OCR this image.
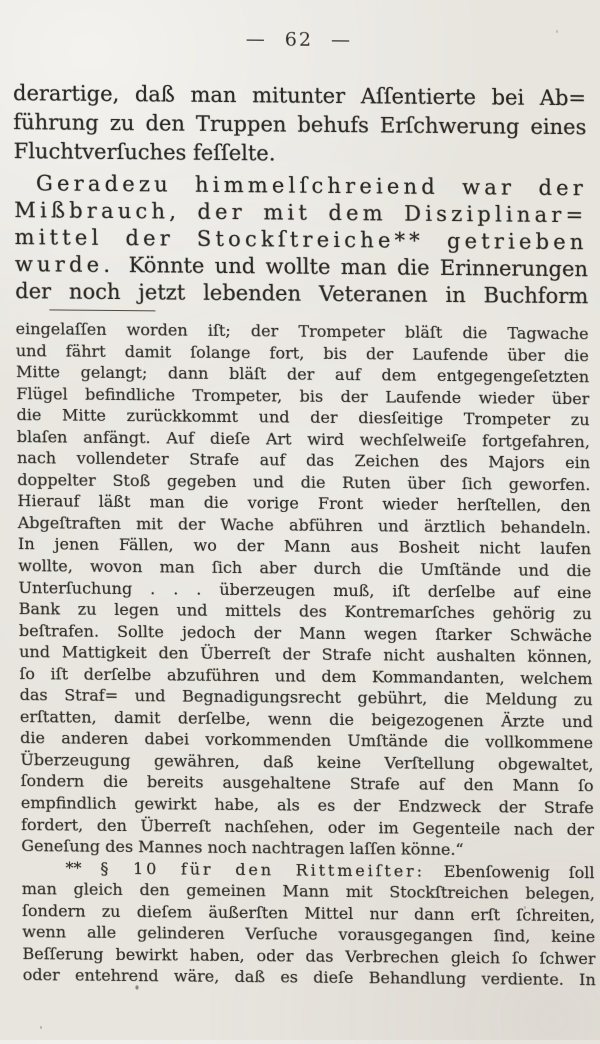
— 62 —
derartige, daß man mitunter Aſſentierte bei Ab=
führung zu den Truppen behufs Erſchwerung eines
Fluchtverſuches feſſelte.
Geradezu himmelſchreiend war der
Mißbrauch, der mit dem Disziplinar=
mittel der Stockſtreiche** getrieben
wurde. Könnte und wollte man die Erinnerungen
der noch jetzt lebenden Veteranen in Buchform
eingelaſſen worden iſt; der Trompeter bläſt die Tagwache
und fährt damit ſolange fort, bis der Laufende über die
Mitte gelangt; dann bläſt der auf dem entgegengeſetzten
Flügel befindliche Trompeter, bis der Laufende wieder über
die Mitte zurückkommt und der diesſeitige Trompeter zu
blaſen anfängt. Auf dieſe Art wird wechſelweiſe fortgefahren,
nach vollendeter Strafe auf das Zeichen des Majors ein
doppelter Stoß gegeben und die Ruten über ſich geworfen.
Hierauf läßt man die vorige Front wieder herſtellen, den
Abgeſtraften mit der Wache abführen und ärztlich behandeln.
In jenen Fällen, wo der Mann aus Bosheit nicht laufen
wollte, wovon man ſich aber durch die Umſtände und die
Unterſuchung . . . überzeugen muß, iſt derſelbe auf eine
Bank zu legen und mittels des Kontremarſches gehörig zu
beſtrafen. Sollte jedoch der Mann wegen ſtarker Schwäche
und Mattigkeit den Überreſt der Strafe nicht aushalten können,
ſo iſt derſelbe abzuführen und dem Kommandanten, welchem
das Straf= und Begnadigungsrecht gebührt, die Meldung zu
erſtatten, damit derſelbe, wenn die beigezogenen Ärzte und
die anderen dabei vorkommenden Umſtände die vollkommene
Überzeugung gewähren, daß keine Verſtellung obgewaltet,
ſondern die bereits ausgehaltene Strafe auf den Mann ſo
empfindlich gewirkt habe, als es der Endzweck der Strafe
fordert, den Überreſt nachſehen, oder im Gegenteile nach der
Geneſung des Mannes noch nachtragen laſſen könne.“
** § 10 für den Rittmeiſter: Ebenſowenig ſoll
man gleich den gemeinen Mann mit Stockſtreichen belegen,
ſondern zu dieſem äußerſten Mittel nur dann erſt ſchreiten,
wenn alle gelinderen Verſuche vorausgegangen ſind, keine
Beſſerung bewirkt haben, oder das Verbrechen gleich ſo ſchwer
oder entehrend wäre, daß es dieſe Behandlung verdiente. In
